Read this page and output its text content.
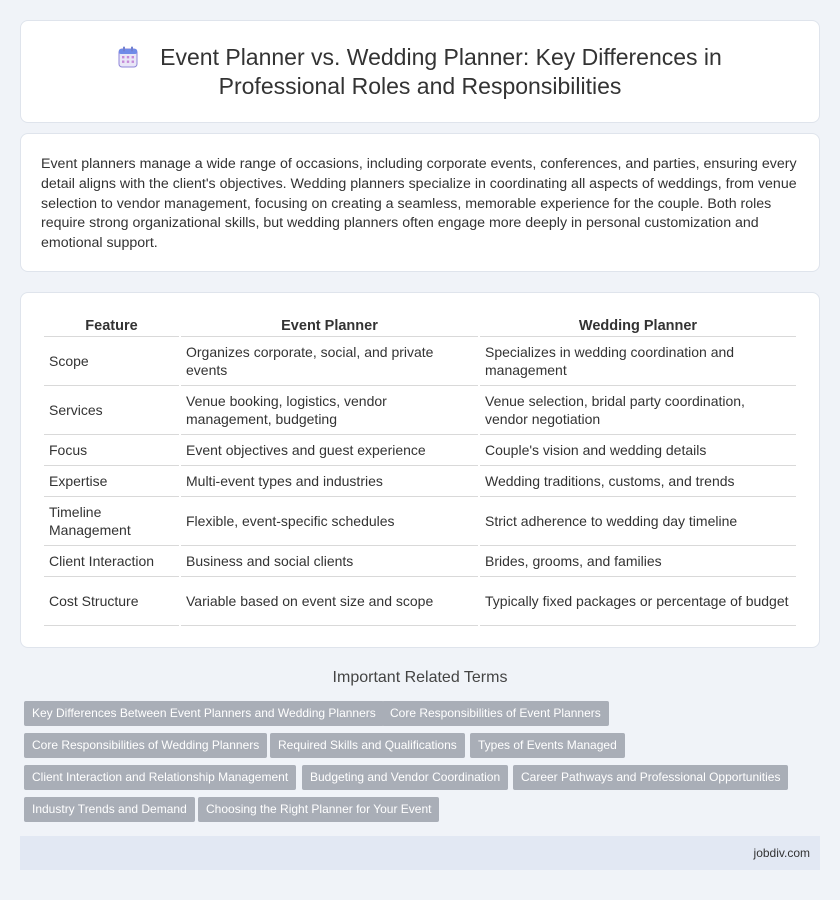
Event Planner vs. Wedding Planner: Key Differences in Professional Roles and Responsibilities

Event planners manage a wide range of occasions, including corporate events, conferences, and parties, ensuring every detail aligns with the client's objectives. Wedding planners specialize in coordinating all aspects of weddings, from venue selection to vendor management, focusing on creating a seamless, memorable experience for the couple. Both roles require strong organizational skills, but wedding planners often engage more deeply in personal customization and emotional support.

Feature	Event Planner	Wedding Planner
Scope	Organizes corporate, social, and private events	Specializes in wedding coordination and management
Services	Venue booking, logistics, vendor management, budgeting	Venue selection, bridal party coordination, vendor negotiation
Focus	Event objectives and guest experience	Couple's vision and wedding details
Expertise	Multi-event types and industries	Wedding traditions, customs, and trends
Timeline Management	Flexible, event-specific schedules	Strict adherence to wedding day timeline
Client Interaction	Business and social clients	Brides, grooms, and families
Cost Structure	Variable based on event size and scope	Typically fixed packages or percentage of budget
Important Related Terms
Key Differences Between Event Planners and Wedding Planners	Core Responsibilities of Event Planners
Core Responsibilities of Wedding Planners	Required Skills and Qualifications	Types of Events Managed
Client Interaction and Relationship Management	Budgeting and Vendor Coordination	Career Pathways and Professional Opportunities
Industry Trends and Demand	Choosing the Right Planner for Your Event
jobdiv.com
